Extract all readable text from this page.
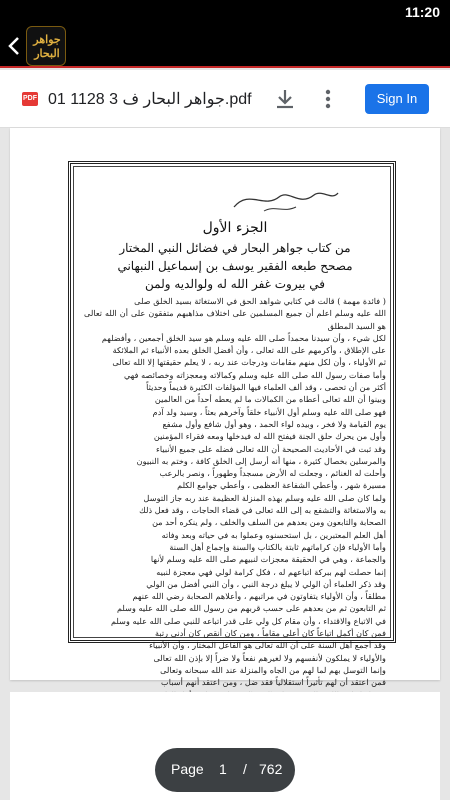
11:20
جواهر
البحار
PDF جواهر البحار ف 3 1128 01.pdf	Sign In
الجزء الأول
من كتاب جواهر البحار في فضائل النبي المختار
مصحح طبعه الفقير يوسف بن إسماعيل النبهاني
في بيروت غفر الله له ولوالديه ولمن
( فائدة مهمة ) قالت في كتابي شواهد الحق في الاستغاثة بسيد الخلق صلى
الله عليه وسلم اعلم أن جميع المسلمين على اختلاف مذاهبهم متفقون على أن الله تعالى هو السيد المطلق
لكل شيء ، وأن سيدنا محمداً صلى الله عليه وسلم هو سيد الخلق أجمعين ، وأفضلهم
على الإطلاق ، وأكرمهم على الله تعالى ، وأن أفضل الخلق بعده الأنبياء ثم الملائكة
ثم الأولياء ، وأن لكل منهم مقامات ودرجات عند ربه ، لا يعلم حقيقتها إلا الله تعالى
وأما صفات رسول الله صلى الله عليه وسلم وكمالاته ومعجزاته وخصائصه فهي
أكثر من أن تحصى ، وقد ألف العلماء فيها المؤلفات الكثيرة قديماً وحديثاً
وبينوا أن الله تعالى أعطاه من الكمالات ما لم يعطه أحداً من العالمين
فهو صلى الله عليه وسلم أول الأنبياء خلقاً وآخرهم بعثاً ، وسيد ولد آدم
يوم القيامة ولا فخر ، وبيده لواء الحمد ، وهو أول شافع وأول مشفع
وأول من يحرك حلق الجنة فيفتح الله له فيدخلها ومعه فقراء المؤمنين
وقد ثبت في الأحاديث الصحيحة أن الله تعالى فضله على جميع الأنبياء
والمرسلين بخصال كثيرة ، منها أنه أرسل إلى الخلق كافة ، وختم به النبيون
وأحلت له الغنائم ، وجعلت له الأرض مسجداً وطهوراً ، ونصر بالرعب
مسيرة شهر ، وأعطي الشفاعة العظمى ، وأعطي جوامع الكلم
ولما كان صلى الله عليه وسلم بهذه المنزلة العظيمة عند ربه جاز التوسل
به والاستغاثة والتشفع به إلى الله تعالى في قضاء الحاجات ، وقد فعل ذلك
الصحابة والتابعون ومن بعدهم من السلف والخلف ، ولم ينكره أحد من
أهل العلم المعتبرين ، بل استحسنوه وعملوا به في حياته وبعد وفاته
وأما الأولياء فإن كراماتهم ثابتة بالكتاب والسنة وإجماع أهل السنة
والجماعة ، وهي في الحقيقة معجزات لنبيهم صلى الله عليه وسلم لأنها
إنما حصلت لهم ببركة اتباعهم له ، فكل كرامة لولي فهي معجزة لنبيه
وقد ذكر العلماء أن الولي لا يبلغ درجة النبي ، وأن النبي أفضل من الولي
مطلقاً ، وأن الأولياء يتفاوتون في مراتبهم ، وأعلاهم الصحابة رضي الله عنهم
ثم التابعون ثم من بعدهم على حسب قربهم من رسول الله صلى الله عليه وسلم
في الاتباع والاقتداء ، وأن مقام كل ولي على قدر اتباعه للنبي صلى الله عليه وسلم
فمن كان أكمل اتباعاً كان أعلى مقاماً ، ومن كان أنقص كان أدنى رتبة
وقد أجمع أهل السنة على أن الله تعالى هو الفاعل المختار ، وأن الأنبياء
والأولياء لا يملكون لأنفسهم ولا لغيرهم نفعاً ولا ضراً إلا بإذن الله تعالى
وإنما التوسل بهم لما لهم من الجاه والمنزلة عند الله سبحانه وتعالى
فمن اعتقد أن لهم تأثيراً استقلالياً فقد ضل ، ومن اعتقد أنهم أسباب
Page 1 / 762
